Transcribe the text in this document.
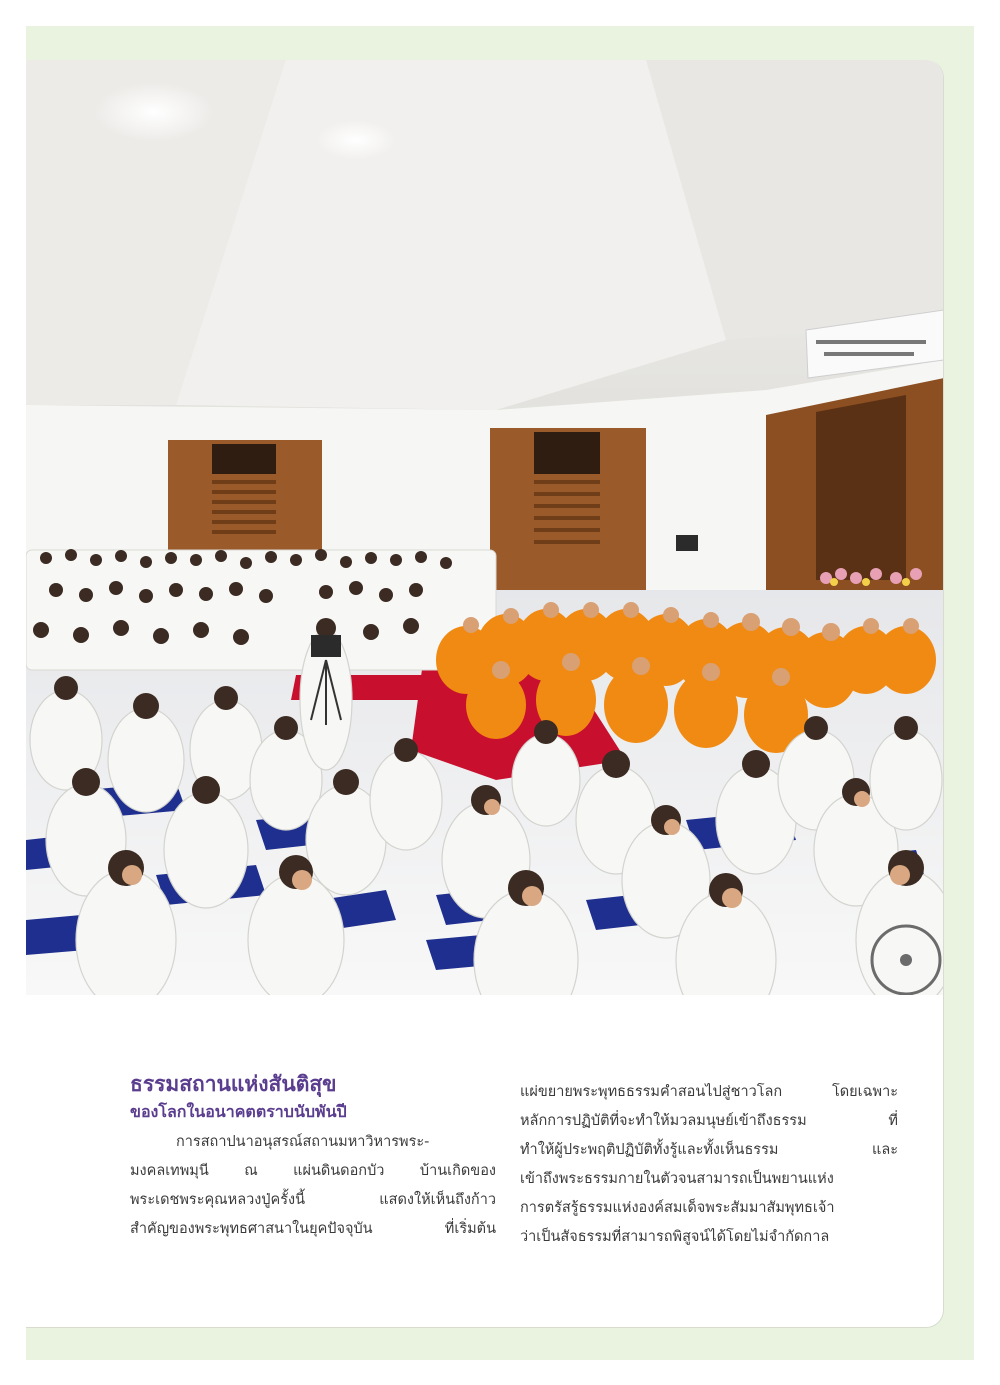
ธรรมสถานแห่งสันติสุข
ของโลกในอนาคตตราบนับพันปี
การสถาปนาอนุสรณ์สถานมหาวิหารพระ-
มงคลเทพมุนี ณ แผ่นดินดอกบัว บ้านเกิดของ
พระเดชพระคุณหลวงปู่ครั้งนี้ แสดงให้เห็นถึงก้าว
สำคัญของพระพุทธศาสนาในยุคปัจจุบัน ที่เริ่มต้น
แผ่ขยายพระพุทธธรรมคำสอนไปสู่ชาวโลก โดยเฉพาะ
หลักการปฏิบัติที่จะทำให้มวลมนุษย์เข้าถึงธรรม ที่
ทำให้ผู้ประพฤติปฏิบัติทั้งรู้และทั้งเห็นธรรม และ
เข้าถึงพระธรรมกายในตัวจนสามารถเป็นพยานแห่ง
การตรัสรู้ธรรมแห่งองค์สมเด็จพระสัมมาสัมพุทธเจ้า
ว่าเป็นสัจธรรมที่สามารถพิสูจน์ได้โดยไม่จำกัดกาล
